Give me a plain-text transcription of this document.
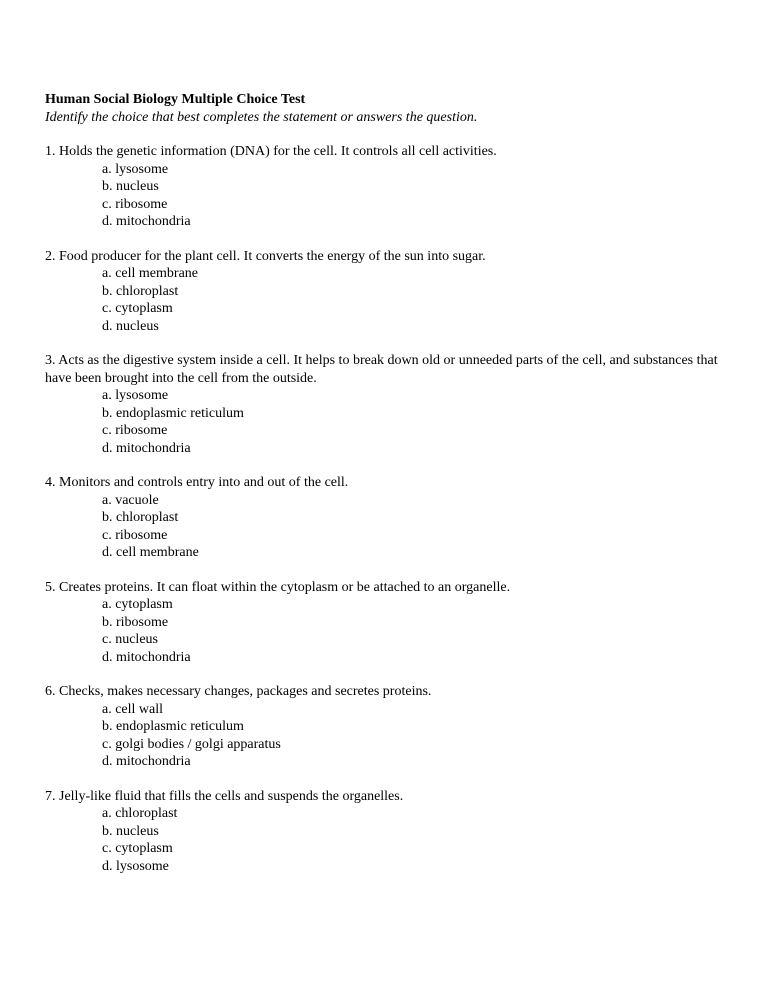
Human Social Biology Multiple Choice Test

Identify the choice that best completes the statement or answers the question.

1. Holds the genetic information (DNA) for the cell. It controls all cell activities.

a. lysosome
b. nucleus
c. ribosome
d. mitochondria

2. Food producer for the plant cell. It converts the energy of the sun into sugar.

a. cell membrane
b. chloroplast
c. cytoplasm
d. nucleus

3. Acts as the digestive system inside a cell. It helps to break down old or unneeded parts of the cell, and substances that have been brought into the cell from the outside.

a. lysosome
b. endoplasmic reticulum
c. ribosome
d. mitochondria

4. Monitors and controls entry into and out of the cell.

a. vacuole
b. chloroplast
c. ribosome
d. cell membrane

5. Creates proteins. It can float within the cytoplasm or be attached to an organelle.

a. cytoplasm
b. ribosome
c. nucleus
d. mitochondria

6. Checks, makes necessary changes, packages and secretes proteins.

a. cell wall
b. endoplasmic reticulum
c. golgi bodies / golgi apparatus
d. mitochondria

7. Jelly-like fluid that fills the cells and suspends the organelles.

a. chloroplast
b. nucleus
c. cytoplasm
d. lysosome
